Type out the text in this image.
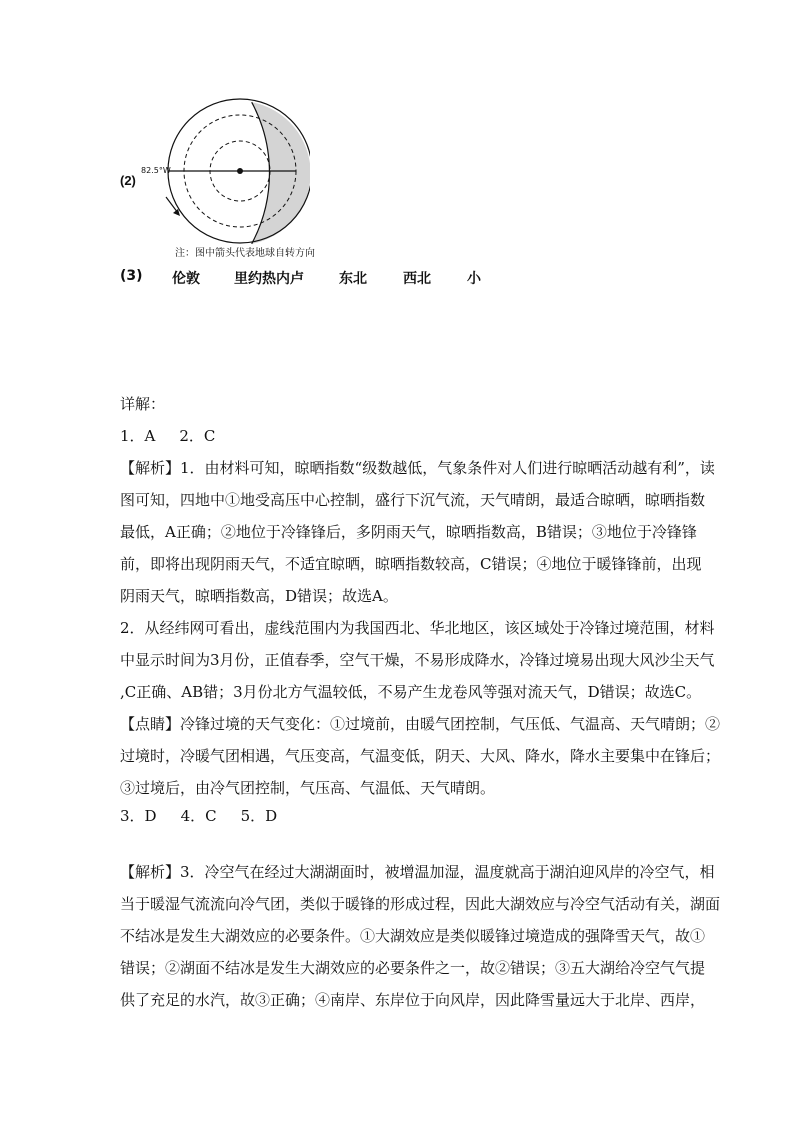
(2)
82.5°W
注：图中箭头代表地球自转方向
(3) 伦敦 里约热内卢	东北	西北	小
详解：
1．A 2．C
【解析】1．由材料可知，晾晒指数“级数越低，气象条件对人们进行晾晒活动越有利”，读
图可知，四地中①地受高压中心控制，盛行下沉气流，天气晴朗，最适合晾晒，晾晒指数
最低，A正确；②地位于冷锋锋后，多阴雨天气，晾晒指数高，B错误；③地位于冷锋锋
前，即将出现阴雨天气，不适宜晾晒，晾晒指数较高，C错误；④地位于暖锋锋前，出现
阴雨天气，晾晒指数高，D错误；故选A。
2．从经纬网可看出，虚线范围内为我国西北、华北地区，该区域处于冷锋过境范围，材料
中显示时间为3月份，正值春季，空气干燥，不易形成降水，冷锋过境易出现大风沙尘天气
,C正确、AB错；3月份北方气温较低，不易产生龙卷风等强对流天气，D错误；故选C。
【点睛】冷锋过境的天气变化：①过境前，由暖气团控制，气压低、气温高、天气晴朗；②
过境时，冷暖气团相遇，气压变高，气温变低，阴天、大风、降水，降水主要集中在锋后；
③过境后，由冷气团控制，气压高、气温低、天气晴朗。
3．D 4．C 5．D
【解析】3．冷空气在经过大湖湖面时，被增温加湿，温度就高于湖泊迎风岸的冷空气，相
当于暖湿气流流向冷气团，类似于暖锋的形成过程，因此大湖效应与冷空气活动有关，湖面
不结冰是发生大湖效应的必要条件。①大湖效应是类似暖锋过境造成的强降雪天气，故①
错误；②湖面不结冰是发生大湖效应的必要条件之一，故②错误；③五大湖给冷空气气提
供了充足的水汽，故③正确；④南岸、东岸位于向风岸，因此降雪量远大于北岸、西岸，
